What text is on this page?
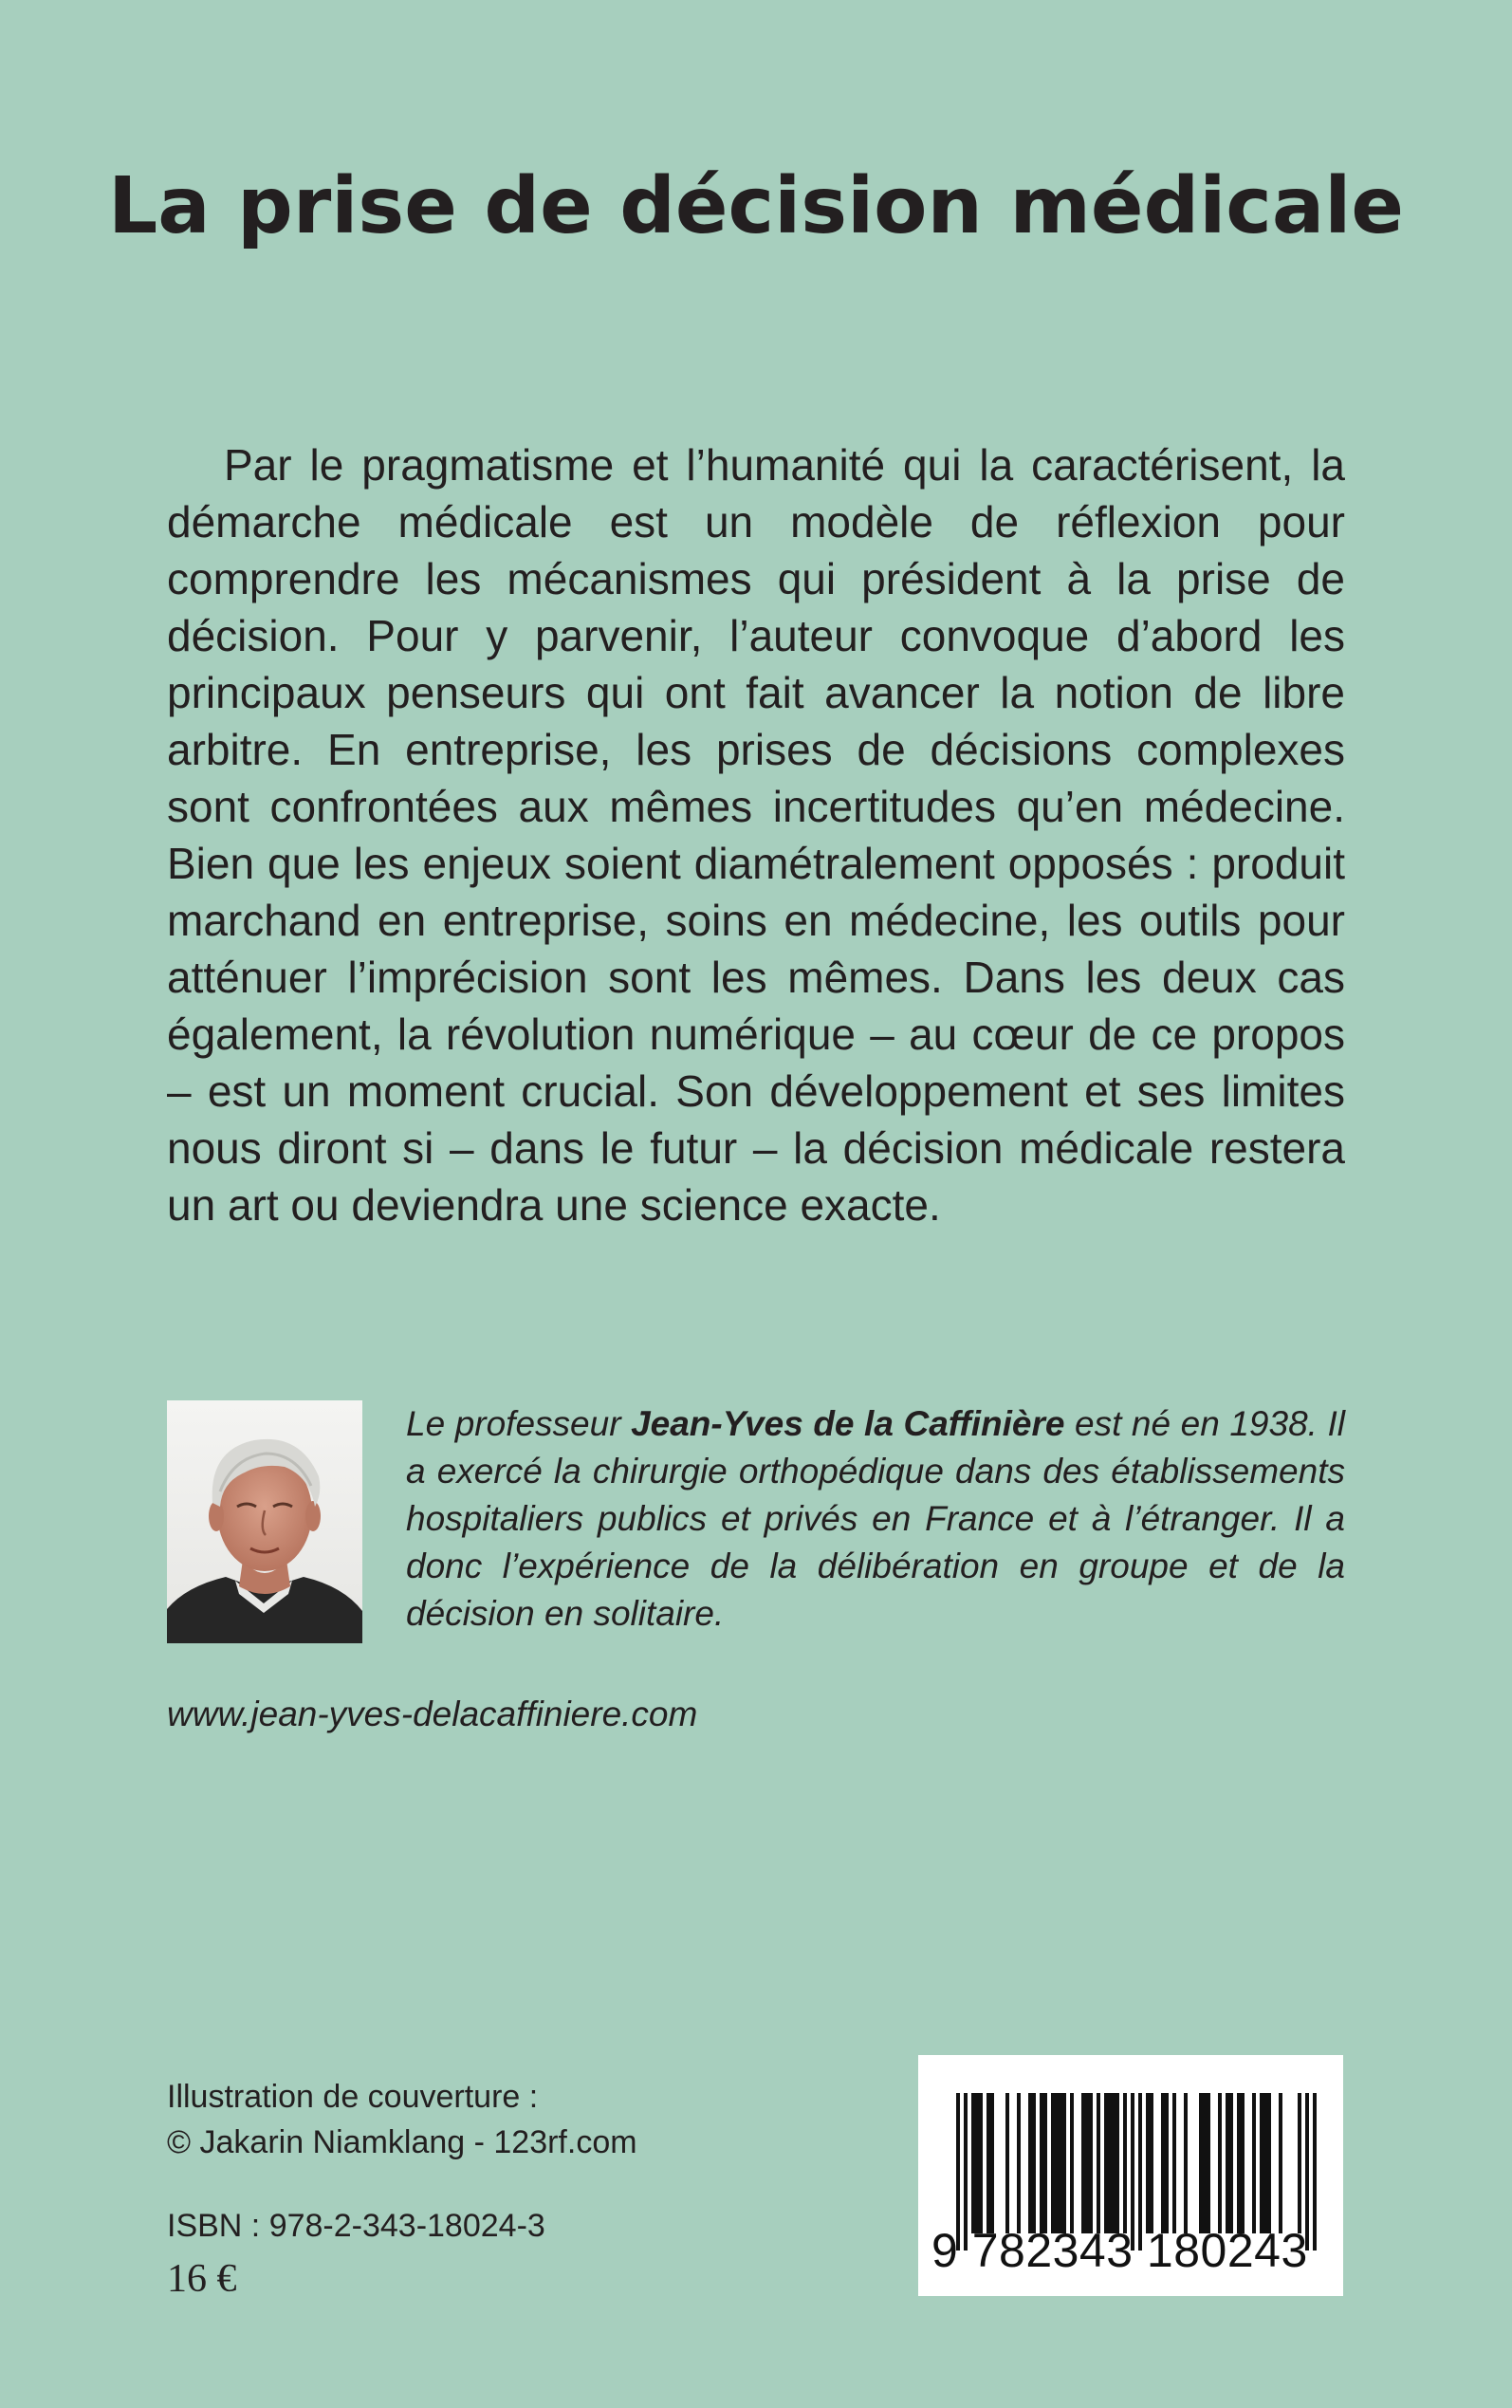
La prise de décision médicale

Par le pragmatisme et l’humanité qui la caractérisent, la démarche médicale est un modèle de réflexion pour comprendre les mécanismes qui président à la prise de décision. Pour y parvenir, l’auteur convoque d’abord les principaux penseurs qui ont fait avancer la notion de libre arbitre. En entreprise, les prises de décisions complexes sont confrontées aux mêmes incertitudes qu’en médecine. Bien que les enjeux soient diamétralement opposés : produit marchand en entreprise, soins en médecine, les outils pour atténuer l’imprécision sont les mêmes. Dans les deux cas également, la révolution numérique – au cœur de ce propos – est un moment crucial. Son développement et ses limites nous diront si – dans le futur – la décision médicale restera un art ou deviendra une science exacte.

Le professeur Jean-Yves de la Caffinière est né en 1938. Il a exercé la chirurgie orthopédique dans des établissements hospitaliers publics et privés en France et à l’étranger. Il a donc l’expérience de la délibération en groupe et de la décision en solitaire.

www.jean-yves-delacaffiniere.com

Illustration de couverture :
© Jakarin Niamklang - 123rf.com

ISBN : 978-2-343-18024-3

16 €

9 782343 180243
